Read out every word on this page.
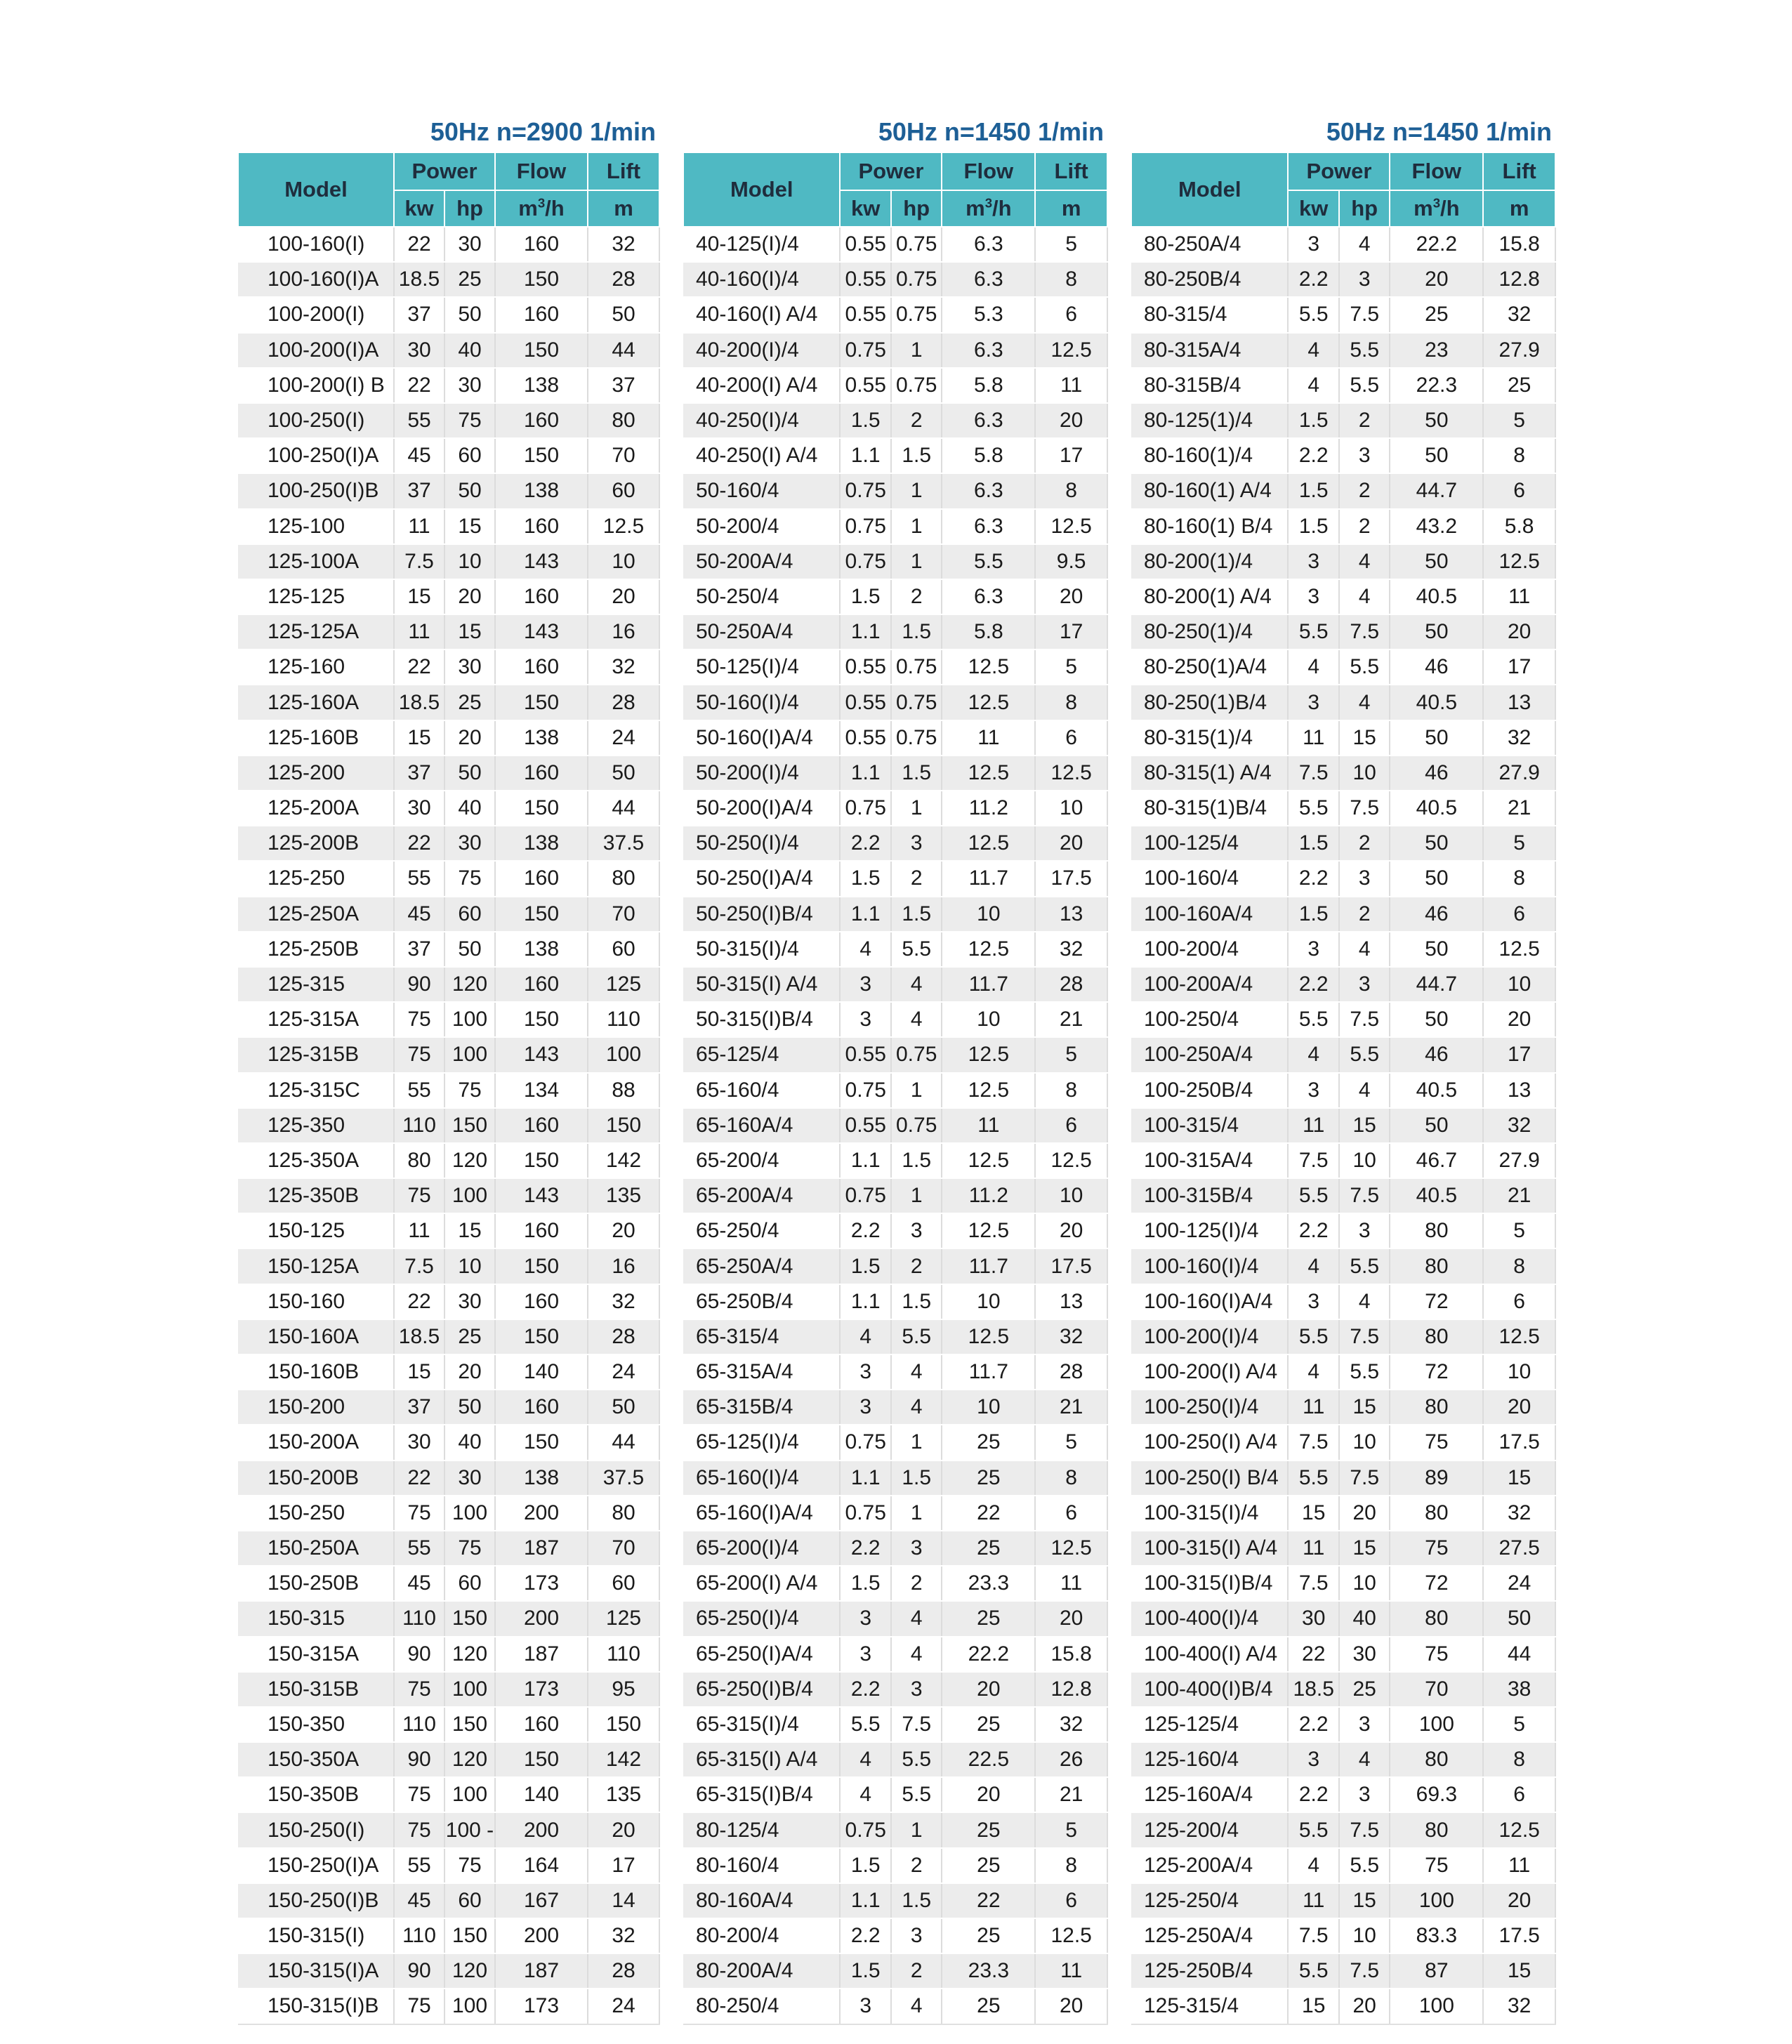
50Hz n=2900 1/min
Model	Power		Flow	Lift
	kw	hp	$m^3/h$	m
100-160(I)	22	30	160	32
100-160(I)A	18.5	25	150	28
100-200(I)	37	50	160	50
100-200(I)A	30	40	150	44
100-200(I) B	22	30	138	37
100-250(I)	55	75	160	80
100-250(I)A	45	60	150	70
100-250(I)B	37	50	138	60
125-100	11	15	160	12.5
125-100A	7.5	10	143	10
125-125	15	20	160	20
125-125A	11	15	143	16
125-160	22	30	160	32
125-160A	18.5	25	150	28
125-160B	15	20	138	24
125-200	37	50	160	50
125-200A	30	40	150	44
125-200B	22	30	138	37.5
125-250	55	75	160	80
125-250A	45	60	150	70
125-250B	37	50	138	60
125-315	90	120	160	125
125-315A	75	100	150	110
125-315B	75	100	143	100
125-315C	55	75	134	88
125-350	110	150	160	150
125-350A	80	120	150	142
125-350B	75	100	143	135
150-125	11	15	160	20
150-125A	7.5	10	150	16
150-160	22	30	160	32
150-160A	18.5	25	150	28
150-160B	15	20	140	24
150-200	37	50	160	50
150-200A	30	40	150	44
150-200B	22	30	138	37.5
150-250	75	100	200	80
150-250A	55	75	187	70
150-250B	45	60	173	60
150-315	110	150	200	125
150-315A	90	120	187	110
150-315B	75	100	173	95
150-350	110	150	160	150
150-350A	90	120	150	142
150-350B	75	100	140	135
150-250(I)	75	100 -	200	20
150-250(I)A	55	75	164	17
150-250(I)B	45	60	167	14
150-315(I)	110	150	200	32
150-315(I)A	90	120	187	28
150-315(I)B	75	100	173	24
50Hz n=1450 1/min
Model	Power		Flow	Lift
	kw	hp	$m^3/h$	m
40-125(I)/4	0.55	0.75	6.3	5
40-160(I)/4	0.55	0.75	6.3	8
40-160(I) A/4	0.55	0.75	5.3	6
40-200(I)/4	0.75	1	6.3	12.5
40-200(I) A/4	0.55	0.75	5.8	11
40-250(I)/4	1.5	2	6.3	20
40-250(I) A/4	1.1	1.5	5.8	17
50-160/4	0.75	1	6.3	8
50-200/4	0.75	1	6.3	12.5
50-200A/4	0.75	1	5.5	9.5
50-250/4	1.5	2	6.3	20
50-250A/4	1.1	1.5	5.8	17
50-125(I)/4	0.55	0.75	12.5	5
50-160(I)/4	0.55	0.75	12.5	8
50-160(I)A/4	0.55	0.75	11	6
50-200(I)/4	1.1	1.5	12.5	12.5
50-200(I)A/4	0.75	1	11.2	10
50-250(I)/4	2.2	3	12.5	20
50-250(I)A/4	1.5	2	11.7	17.5
50-250(I)B/4	1.1	1.5	10	13
50-315(I)/4	4	5.5	12.5	32
50-315(I) A/4	3	4	11.7	28
50-315(I)B/4	3	4	10	21
65-125/4	0.55	0.75	12.5	5
65-160/4	0.75	1	12.5	8
65-160A/4	0.55	0.75	11	6
65-200/4	1.1	1.5	12.5	12.5
65-200A/4	0.75	1	11.2	10
65-250/4	2.2	3	12.5	20
65-250A/4	1.5	2	11.7	17.5
65-250B/4	1.1	1.5	10	13
65-315/4	4	5.5	12.5	32
65-315A/4	3	4	11.7	28
65-315B/4	3	4	10	21
65-125(I)/4	0.75	1	25	5
65-160(I)/4	1.1	1.5	25	8
65-160(I)A/4	0.75	1	22	6
65-200(I)/4	2.2	3	25	12.5
65-200(I) A/4	1.5	2	23.3	11
65-250(I)/4	3	4	25	20
65-250(I)A/4	3	4	22.2	15.8
65-250(I)B/4	2.2	3	20	12.8
65-315(I)/4	5.5	7.5	25	32
65-315(I) A/4	4	5.5	22.5	26
65-315(I)B/4	4	5.5	20	21
80-125/4	0.75	1	25	5
80-160/4	1.5	2	25	8
80-160A/4	1.1	1.5	22	6
80-200/4	2.2	3	25	12.5
80-200A/4	1.5	2	23.3	11
80-250/4	3	4	25	20
50Hz n=1450 1/min
Model	Power		Flow	Lift
	kw	hp	$m^3/h$	m
80-250A/4	3	4	22.2	15.8
80-250B/4	2.2	3	20	12.8
80-315/4	5.5	7.5	25	32
80-315A/4	4	5.5	23	27.9
80-315B/4	4	5.5	22.3	25
80-125(1)/4	1.5	2	50	5
80-160(1)/4	2.2	3	50	8
80-160(1) A/4	1.5	2	44.7	6
80-160(1) B/4	1.5	2	43.2	5.8
80-200(1)/4	3	4	50	12.5
80-200(1) A/4	3	4	40.5	11
80-250(1)/4	5.5	7.5	50	20
80-250(1)A/4	4	5.5	46	17
80-250(1)B/4	3	4	40.5	13
80-315(1)/4	11	15	50	32
80-315(1) A/4	7.5	10	46	27.9
80-315(1)B/4	5.5	7.5	40.5	21
100-125/4	1.5	2	50	5
100-160/4	2.2	3	50	8
100-160A/4	1.5	2	46	6
100-200/4	3	4	50	12.5
100-200A/4	2.2	3	44.7	10
100-250/4	5.5	7.5	50	20
100-250A/4	4	5.5	46	17
100-250B/4	3	4	40.5	13
100-315/4	11	15	50	32
100-315A/4	7.5	10	46.7	27.9
100-315B/4	5.5	7.5	40.5	21
100-125(I)/4	2.2	3	80	5
100-160(I)/4	4	5.5	80	8
100-160(I)A/4	3	4	72	6
100-200(I)/4	5.5	7.5	80	12.5
100-200(I) A/4	4	5.5	72	10
100-250(I)/4	11	15	80	20
100-250(I) A/4	7.5	10	75	17.5
100-250(I) B/4	5.5	7.5	89	15
100-315(I)/4	15	20	80	32
100-315(I) A/4	11	15	75	27.5
100-315(I)B/4	7.5	10	72	24
100-400(I)/4	30	40	80	50
100-400(I) A/4	22	30	75	44
100-400(I)B/4	18.5	25	70	38
125-125/4	2.2	3	100	5
125-160/4	3	4	80	8
125-160A/4	2.2	3	69.3	6
125-200/4	5.5	7.5	80	12.5
125-200A/4	4	5.5	75	11
125-250/4	11	15	100	20
125-250A/4	7.5	10	83.3	17.5
125-250B/4	5.5	7.5	87	15
125-315/4	15	20	100	32
